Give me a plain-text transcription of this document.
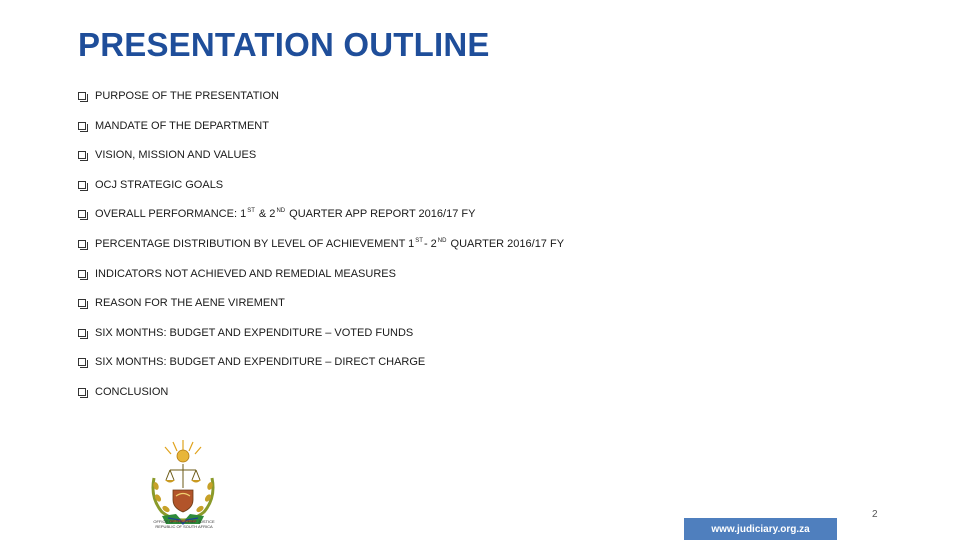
PRESENTATION OUTLINE
PURPOSE OF THE PRESENTATION
MANDATE OF THE DEPARTMENT
VISION, MISSION AND VALUES
OCJ STRATEGIC GOALS
OVERALL PERFORMANCE: 1ST & 2ND QUARTER APP REPORT 2016/17 FY
PERCENTAGE DISTRIBUTION BY LEVEL OF ACHIEVEMENT 1ST- 2ND QUARTER 2016/17 FY
INDICATORS NOT ACHIEVED AND REMEDIAL MEASURES
REASON FOR THE AENE VIREMENT
SIX MONTHS: BUDGET AND EXPENDITURE – VOTED FUNDS
SIX MONTHS: BUDGET AND EXPENDITURE – DIRECT CHARGE
CONCLUSION
OFFICE OF THE CHIEF JUSTICE
REPUBLIC OF SOUTH AFRICA
2
www.judiciary.org.za
